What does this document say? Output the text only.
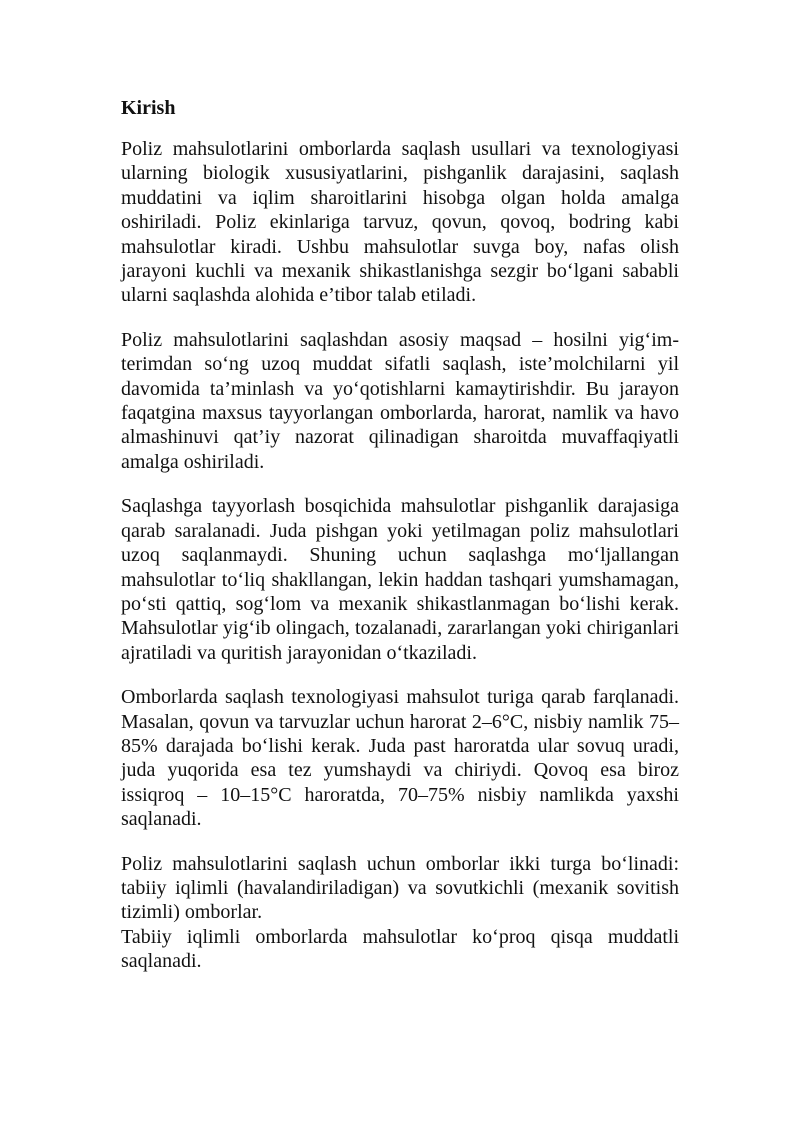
Kirish

Poliz mahsulotlarini omborlarda saqlash usullari va texnologiyasi ularning biologik xususiyatlarini, pishganlik darajasini, saqlash muddatini va iqlim sharoitlarini hisobga olgan holda amalga oshiriladi. Poliz ekinlariga tarvuz, qovun, qovoq, bodring kabi mahsulotlar kiradi. Ushbu mahsulotlar suvga boy, nafas olish jarayoni kuchli va mexanik shikastlanishga sezgir bo‘lgani sababli ularni saqlashda alohida e’tibor talab etiladi.

Poliz mahsulotlarini saqlashdan asosiy maqsad – hosilni yig‘im-terimdan so‘ng uzoq muddat sifatli saqlash, iste’molchilarni yil davomida ta’minlash va yo‘qotishlarni kamaytirishdir. Bu jarayon faqatgina maxsus tayyorlangan omborlarda, harorat, namlik va havo almashinuvi qat’iy nazorat qilinadigan sharoitda muvaffaqiyatli amalga oshiriladi.

Saqlashga tayyorlash bosqichida mahsulotlar pishganlik darajasiga qarab saralanadi. Juda pishgan yoki yetilmagan poliz mahsulotlari uzoq saqlanmaydi. Shuning uchun saqlashga mo‘ljallangan mahsulotlar to‘liq shakllangan, lekin haddan tashqari yumshamagan, po‘sti qattiq, sog‘lom va mexanik shikastlanmagan bo‘lishi kerak. Mahsulotlar yig‘ib olingach, tozalanadi, zararlangan yoki chiriganlari ajratiladi va quritish jarayonidan o‘tkaziladi.

Omborlarda saqlash texnologiyasi mahsulot turiga qarab farqlanadi. Masalan, qovun va tarvuzlar uchun harorat 2–6°C, nisbiy namlik 75–85% darajada bo‘lishi kerak. Juda past haroratda ular sovuq uradi, juda yuqorida esa tez yumshaydi va chiriydi. Qovoq esa biroz issiqroq – 10–15°C haroratda, 70–75% nisbiy namlikda yaxshi saqlanadi.

Poliz mahsulotlarini saqlash uchun omborlar ikki turga bo‘linadi: tabiiy iqlimli (havalandiriladigan) va sovutkichli (mexanik sovitish tizimli) omborlar.

Tabiiy iqlimli omborlarda mahsulotlar ko‘proq qisqa muddatli saqlanadi.
